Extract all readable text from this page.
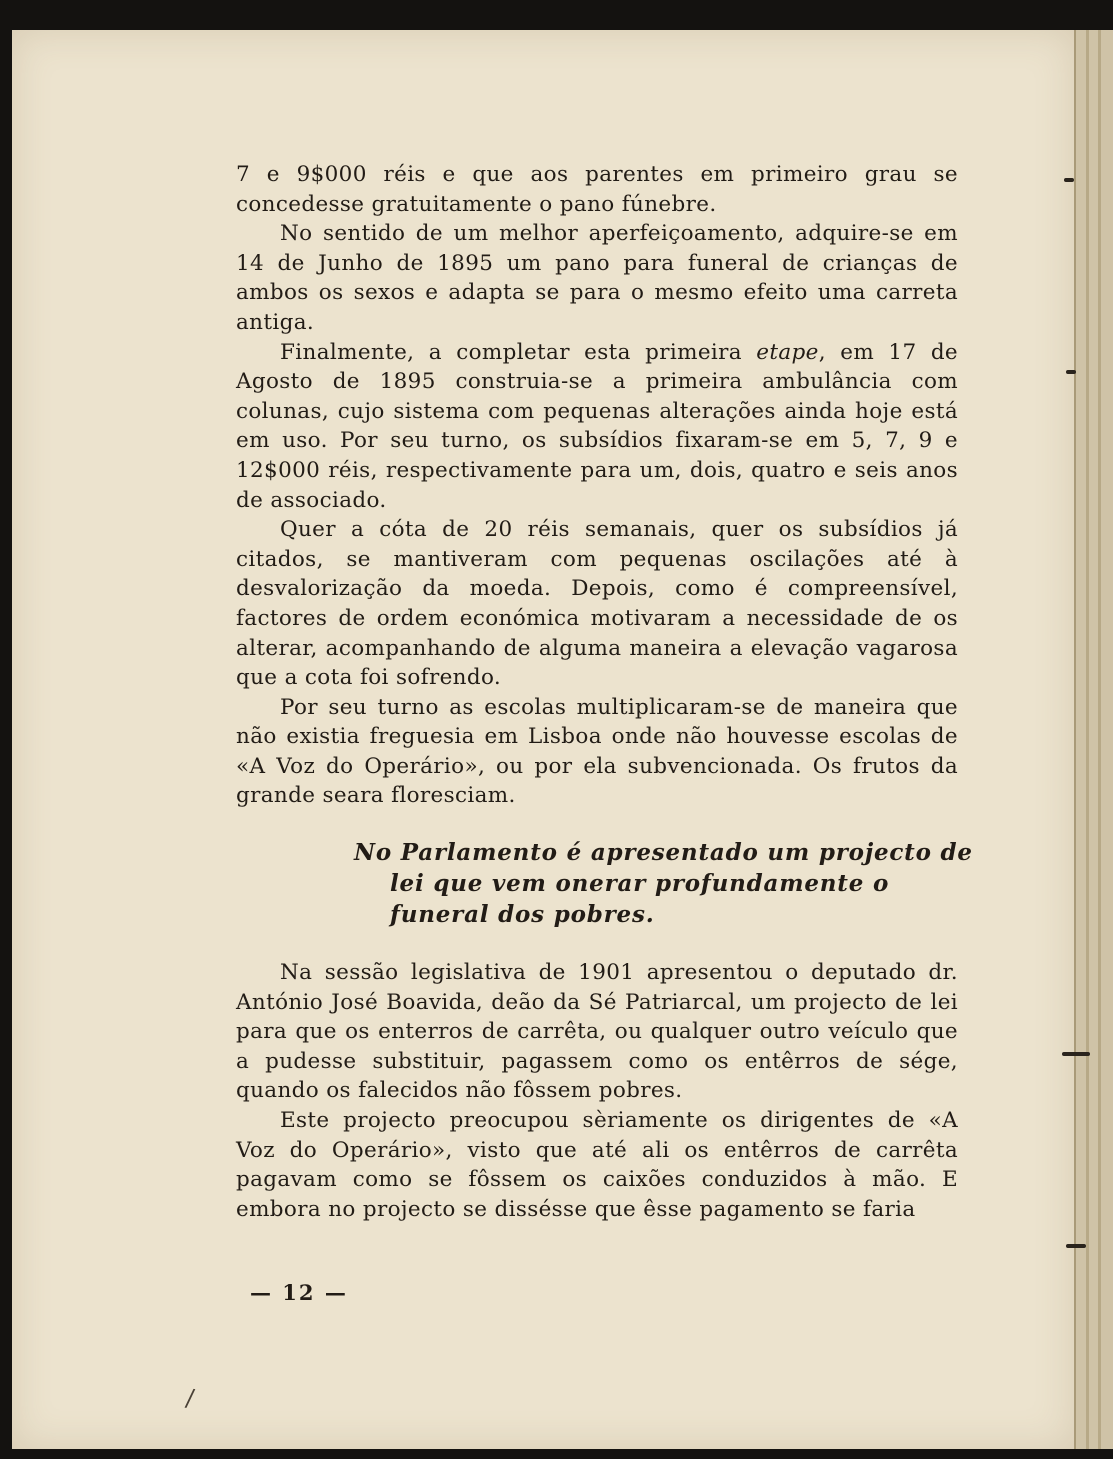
7 e 9$000 réis e que aos parentes em primeiro grau se concedesse gratuitamente o pano fúnebre.

No sentido de um melhor aperfeiçoamento, adquire-se em 14 de Junho de 1895 um pano para funeral de crianças de ambos os sexos e adapta se para o mesmo efeito uma carreta antiga.

Finalmente, a completar esta primeira etape, em 17 de Agosto de 1895 construia-se a primeira ambulância com colunas, cujo sistema com pequenas alterações ainda hoje está em uso. Por seu turno, os subsídios fixaram-se em 5, 7, 9 e 12$000 réis, respectivamente para um, dois, quatro e seis anos de associado.

Quer a cóta de 20 réis semanais, quer os subsídios já citados, se mantiveram com pequenas oscilações até à desvalorização da moeda. Depois, como é compreensível, factores de ordem económica motivaram a necessidade de os alterar, acompanhando de alguma maneira a elevação vagarosa que a cota foi sofrendo.

Por seu turno as escolas multiplicaram-se de maneira que não existia freguesia em Lisboa onde não houvesse escolas de «A Voz do Operário», ou por ela subvencionada. Os frutos da grande seara floresciam.

No Parlamento é apresentado um projecto de lei que vem onerar profundamente o funeral dos pobres.

Na sessão legislativa de 1901 apresentou o deputado dr. António José Boavida, deão da Sé Patriarcal, um projecto de lei para que os enterros de carrêta, ou qualquer outro veículo que a pudesse substituir, pagassem como os entêrros de sége, quando os falecidos não fôssem pobres.

Este projecto preocupou sèriamente os dirigentes de «A Voz do Operário», visto que até ali os entêrros de carrêta pagavam como se fôssem os caixões conduzidos à mão. E embora no projecto se dissésse que êsse pagamento se faria

— 12 —
/
